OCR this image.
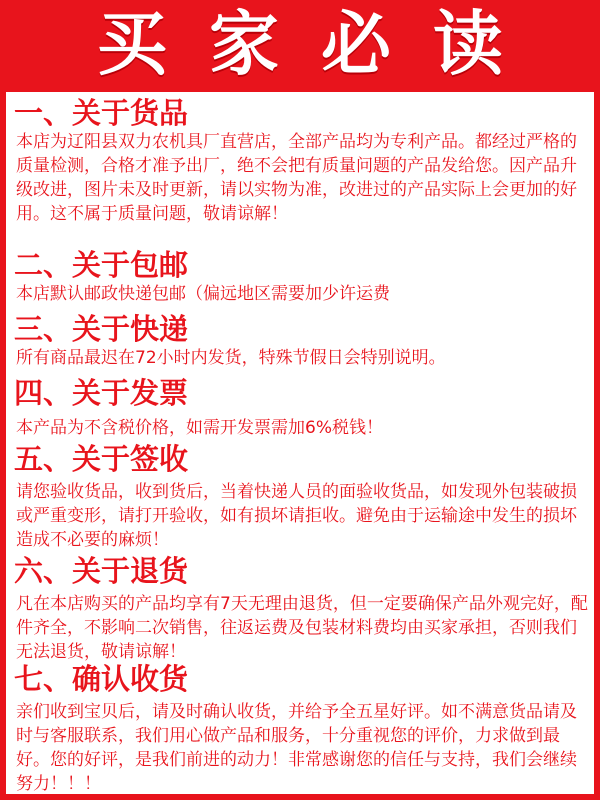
买家必读
一、关于货品

本店为辽阳县双力农机具厂直营店，全部产品均为专利产品。都经过严格的质量检测，合格才准予出厂，绝不会把有质量问题的产品发给您。因产品升级改进，图片未及时更新，请以实物为准，改进过的产品实际上会更加的好用。这不属于质量问题，敬请谅解！

二、关于包邮

本店默认邮政快递包邮（偏远地区需要加少许运费

三、关于快递

所有商品最迟在72小时内发货，特殊节假日会特别说明。

四、关于发票

本产品为不含税价格，如需开发票需加6%税钱！

五、关于签收

请您验收货品，收到货后，当着快递人员的面验收货品，如发现外包装破损或严重变形，请打开验收，如有损坏请拒收。避免由于运输途中发生的损坏造成不必要的麻烦！

六、关于退货

凡在本店购买的产品均享有7天无理由退货，但一定要确保产品外观完好，配件齐全，不影响二次销售，往返运费及包装材料费均由买家承担，否则我们无法退货，敬请谅解！

七、确认收货

亲们收到宝贝后，请及时确认收货，并给予全五星好评。如不满意货品请及时与客服联系，我们用心做产品和服务，十分重视您的评价，力求做到最好。您的好评，是我们前进的动力！非常感谢您的信任与支持，我们会继续努力！！！
